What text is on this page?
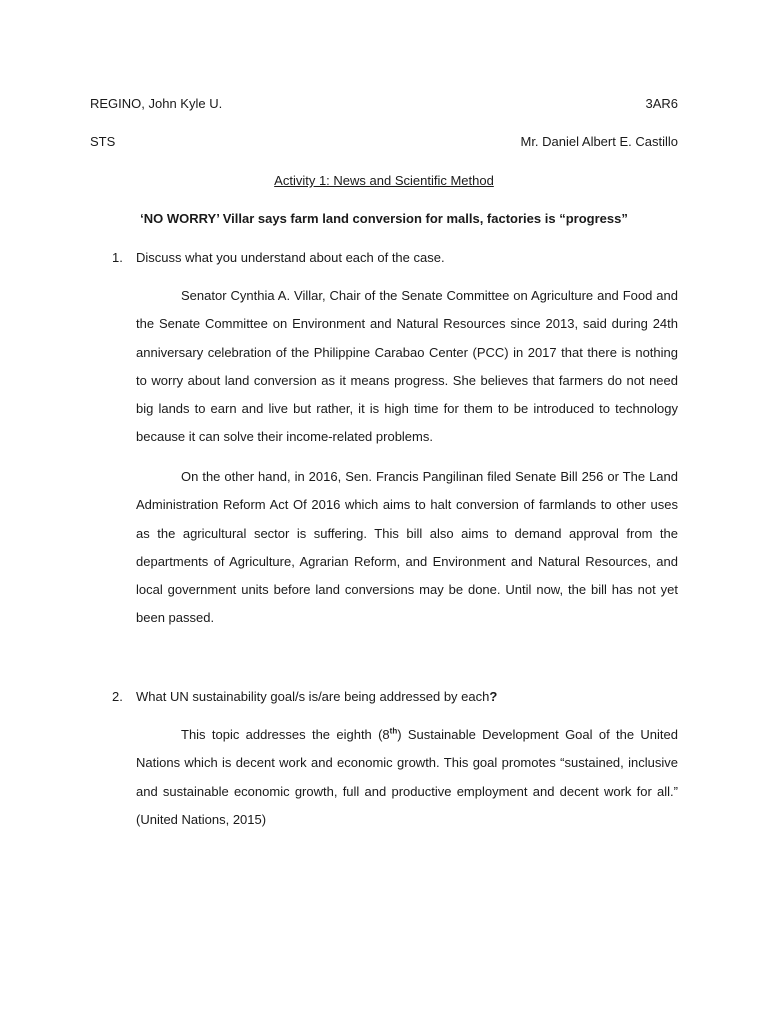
REGINO, John Kyle U.	3AR6
STS	Mr. Daniel Albert E. Castillo
Activity 1: News and Scientific Method
‘NO WORRY’ Villar says farm land conversion for malls, factories is “progress”
1.	Discuss what you understand about each of the case.

Senator Cynthia A. Villar, Chair of the Senate Committee on Agriculture and Food and the Senate Committee on Environment and Natural Resources since 2013, said during 24th anniversary celebration of the Philippine Carabao Center (PCC) in 2017 that there is nothing to worry about land conversion as it means progress. She believes that farmers do not need big lands to earn and live but rather, it is high time for them to be introduced to technology because it can solve their income-related problems.

On the other hand, in 2016, Sen. Francis Pangilinan filed Senate Bill 256 or The Land Administration Reform Act Of 2016 which aims to halt conversion of farmlands to other uses as the agricultural sector is suffering. This bill also aims to demand approval from the departments of Agriculture, Agrarian Reform, and Environment and Natural Resources, and local government units before land conversions may be done. Until now, the bill has not yet been passed.

2.	What UN sustainability goal/s is/are being addressed by each?

This topic addresses the eighth (8th) Sustainable Development Goal of the United Nations which is decent work and economic growth. This goal promotes “sustained, inclusive and sustainable economic growth, full and productive employment and decent work for all.” (United Nations, 2015)
